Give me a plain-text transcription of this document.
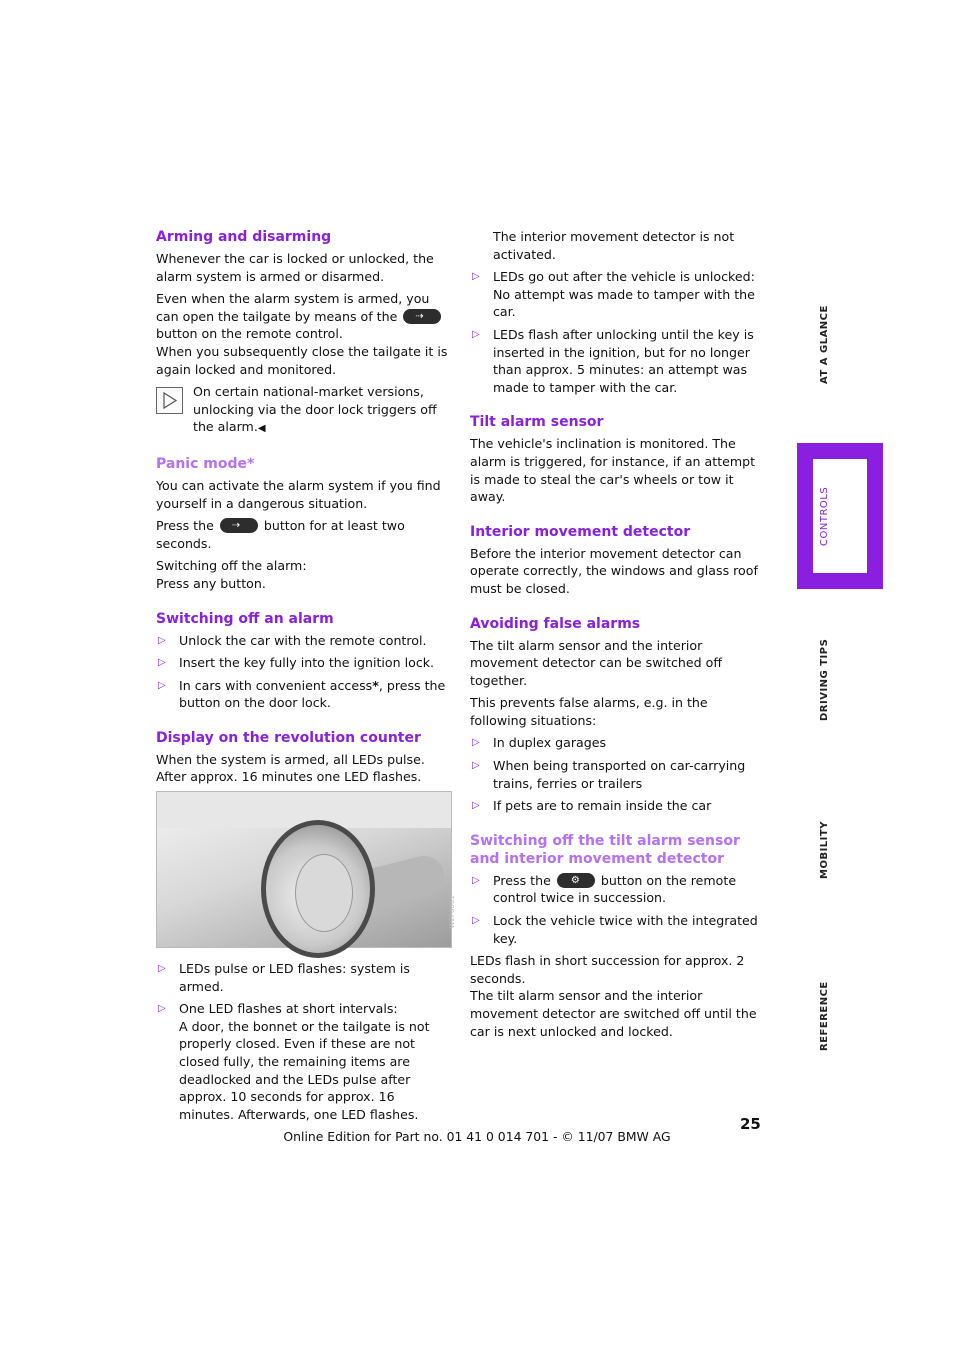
Arming and disarming

Whenever the car is locked or unlocked, the alarm system is armed or disarmed.

Even when the alarm system is armed, you can open the tailgate by means of the ⇢
button on the remote control.

When you subsequently close the tailgate it is again locked and monitored.

On certain national-market versions, unlocking via the door lock triggers off the alarm.◀

Panic mode*

You can activate the alarm system if you find yourself in a dangerous situation.

Press the ⇢ button for at least two seconds.

Switching off the alarm:

Press any button.

Switching off an alarm
▷ Unlock the car with the remote control.
▷ Insert the key fully into the ignition lock.
▷ In cars with convenient access*, press the button on the door lock.
Display on the revolution counter

When the system is armed, all LEDs pulse. After approx. 16 minutes one LED flashes.

W2P8061
▷ LEDs pulse or LED flashes: system is armed.
▷ One LED flashes at short intervals:
A door, the bonnet or the tailgate is not properly closed. Even if these are not closed fully, the remaining items are deadlocked and the LEDs pulse after approx. 10 seconds for approx. 16 minutes. Afterwards, one LED flashes.

The interior movement detector is not activated.

▷ LEDs go out after the vehicle is unlocked: No attempt was made to tamper with the car.
▷ LEDs flash after unlocking until the key is inserted in the ignition, but for no longer than approx. 5 minutes: an attempt was made to tamper with the car.
Tilt alarm sensor

The vehicle's inclination is monitored. The alarm is triggered, for instance, if an attempt is made to steal the car's wheels or tow it away.

Interior movement detector

Before the interior movement detector can operate correctly, the windows and glass roof must be closed.

Avoiding false alarms

The tilt alarm sensor and the interior movement detector can be switched off together.

This prevents false alarms, e.g. in the following situations:

▷ In duplex garages
▷ When being transported on car-carrying trains, ferries or trailers
▷ If pets are to remain inside the car
Switching off the tilt alarm sensor and interior movement detector
▷ Press the ⚙ button on the remote control twice in succession.
▷ Lock the vehicle twice with the integrated key.

LEDs flash in short succession for approx. 2 seconds.

The tilt alarm sensor and the interior movement detector are switched off until the car is next unlocked and locked.

AT A GLANCE
CONTROLS
DRIVING TIPS
MOBILITY
REFERENCE
25
Online Edition for Part no. 01 41 0 014 701 - © 11/07 BMW AG
